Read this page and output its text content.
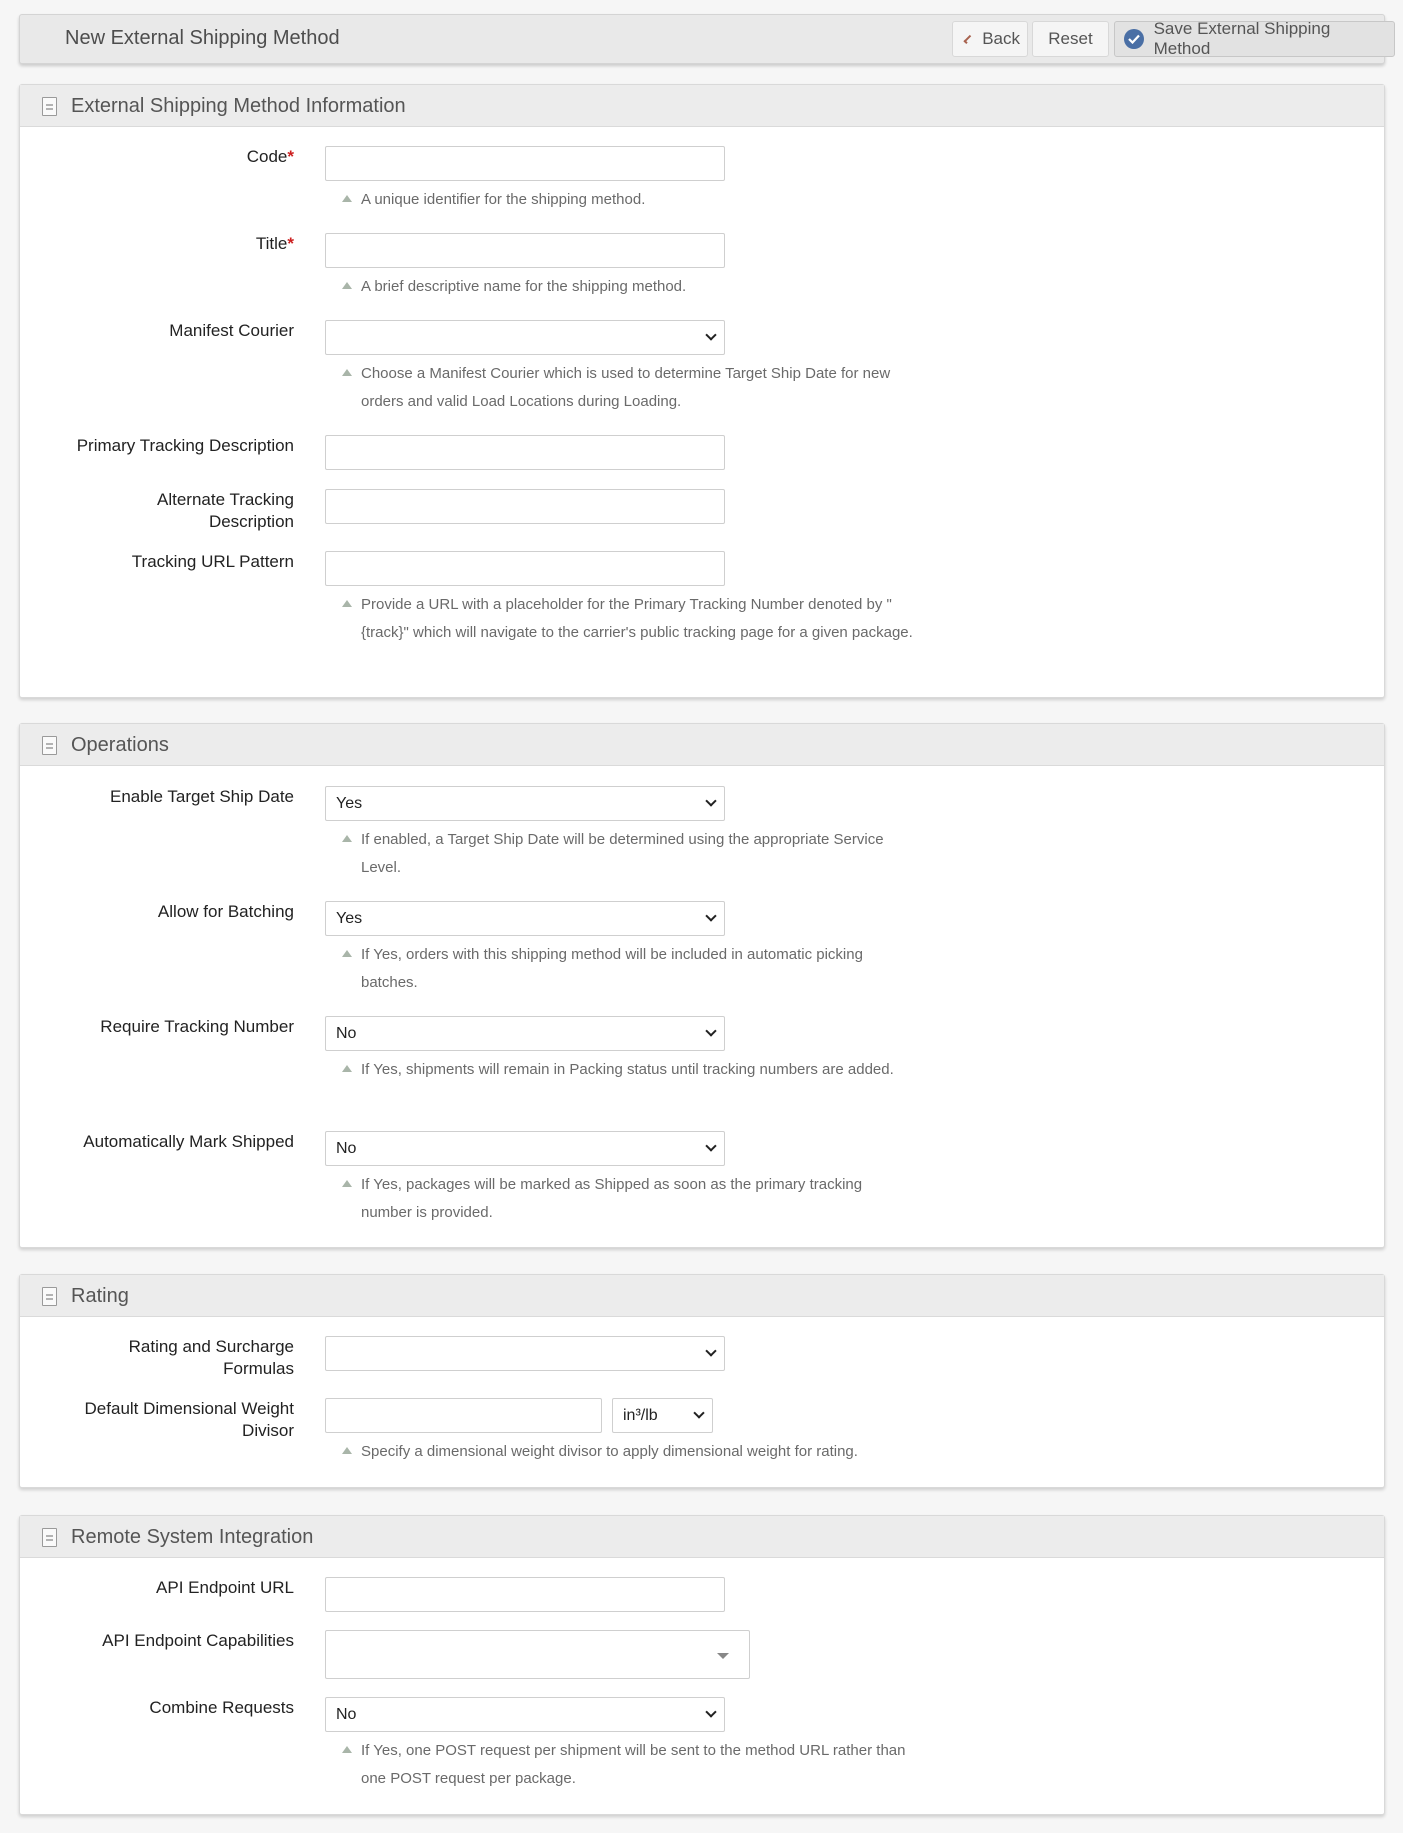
New External Shipping Method	Back Reset
Save External Shipping Method
External Shipping Method Information
Code*
A unique identifier for the shipping method.
Title*
A brief descriptive name for the shipping method.
Manifest Courier
Choose a Manifest Courier which is used to determine Target Ship Date for new orders and valid Load Locations during Loading.
Primary Tracking Description
Alternate Tracking Description
Tracking URL Pattern
Provide a URL with a placeholder for the Primary Tracking Number denoted by "{track}" which will navigate to the carrier's public tracking page for a given package.
Operations
Enable Target Ship Date	Yes
If enabled, a Target Ship Date will be determined using the appropriate Service Level.
Allow for Batching	Yes
If Yes, orders with this shipping method will be included in automatic picking batches.
Require Tracking Number	No
If Yes, shipments will remain in Packing status until tracking numbers are added.
Automatically Mark Shipped	No
If Yes, packages will be marked as Shipped as soon as the primary tracking number is provided.
Rating
Rating and Surcharge Formulas
Default Dimensional Weight Divisor
in³/lb
Specify a dimensional weight divisor to apply dimensional weight for rating.
Remote System Integration
API Endpoint URL
API Endpoint Capabilities
Combine Requests	No
If Yes, one POST request per shipment will be sent to the method URL rather than one POST request per package.
